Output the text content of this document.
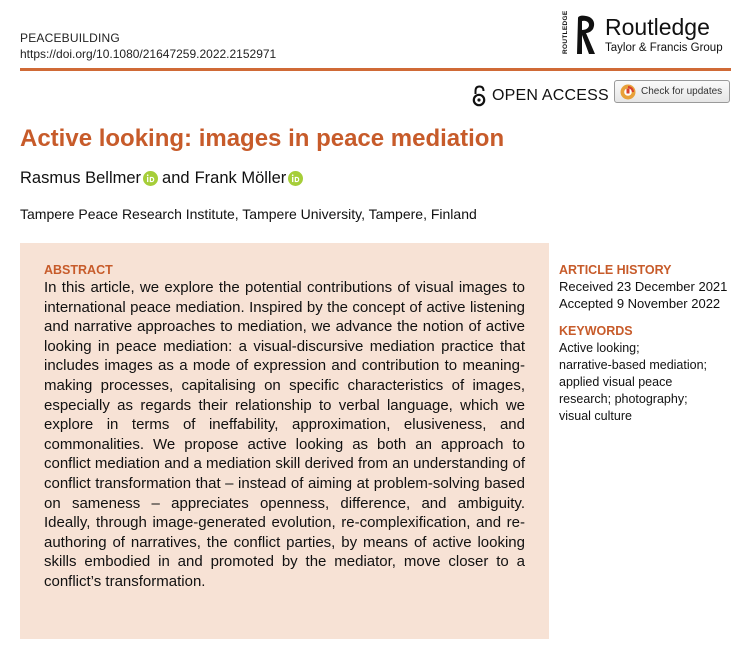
PEACEBUILDING
https://doi.org/10.1080/21647259.2022.2152971	ROUTLEDGE Routledge
Taylor & Francis Group
OPEN ACCESS	Check for updates
Active looking: images in peace mediation
Rasmus Bellmer and Frank Möller
Tampere Peace Research Institute, Tampere University, Tampere, Finland
ABSTRACT

In this article, we explore the potential contributions of visual images to international peace mediation. Inspired by the concept of active listening and narrative approaches to mediation, we advance the notion of active looking in peace mediation: a visual-discursive mediation practice that includes images as a mode of expression and contribution to meaning-making processes, capitalising on specific characteristics of images, especially as regards their relationship to verbal language, which we explore in terms of ineffability, approximation, elusiveness, and commonalities. We propose active looking as both an approach to conflict mediation and a mediation skill derived from an understanding of conflict transformation that – instead of aiming at problem-solving based on sameness – appreciates openness, difference, and ambiguity. Ideally, through image-generated evolution, re-complexification, and re-authoring of narratives, the conflict parties, by means of active looking skills embodied in and promoted by the mediator, move closer to a conflict’s transformation.

ARTICLE HISTORY
Received 23 December 2021
Accepted 9 November 2022
KEYWORDS
Active looking;
narrative-based mediation;
applied visual peace
research; photography;
visual culture
